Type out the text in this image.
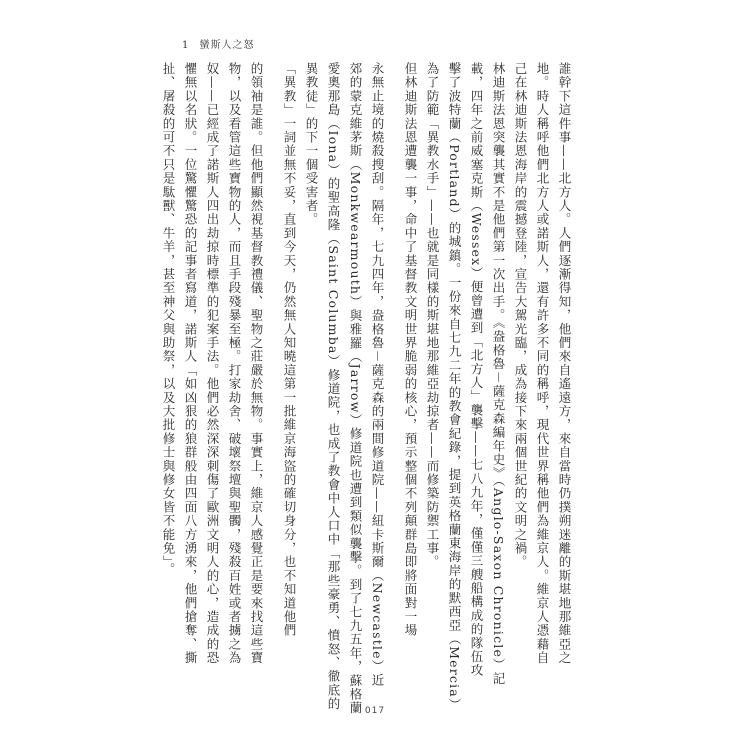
1 蠻斯人之怒
誰幹下這件事——北方人。人們逐漸得知，他們來自遙遠方，來自當時仍撲朔迷離的斯堪地那維亞之
地。時人稱呼他們北方人或諾斯人，還有許多不同的稱呼，現代世界稱他們為維京人。維京人憑藉自
己在林迪斯法恩海岸的震撼登陸，宣告大駕光臨，成為接下來兩個世紀的文明之禍。
林迪斯法恩突襲其實不是他們第一次出手。《盎格魯－薩克森編年史》（Anglo-Saxon Chronicle）記
載，四年之前威塞克斯（Wessex）便曾遭到「北方人」襲擊——七八九年，僅僅三艘船構成的隊伍攻
擊了波特蘭（Portland）的城鎮。一份來自七九二年的教會紀錄，提到英格蘭東海岸的默西亞（Mercia）
為了防範「異教水手」——也就是同樣的斯堪地那維亞劫掠者——而修築防禦工事。
但林迪斯法恩遭襲一事，命中了基督教文明世界脆弱的核心，預示整個不列顛群島即將面對一場
永無止境的燒殺搜刮。隔年，七九四年，盎格魯－薩克森的兩間修道院——紐卡斯爾（Newcastle）近
郊的蒙克維茅斯（Monkwearmouth）與雅羅（Jarrow）修道院也遭到類似襲擊。到了七九五年，蘇格蘭
愛奧那島（Iona）的聖高隆（Saint Columba）修道院，也成了教會中人口中「那些豪勇、憤怒、徹底的
異教徒」的下一個受害者。
「異教」一詞並無不妥，直到今天，仍然無人知曉這第一批維京海盜的確切身分，也不知道他們
的領袖是誰。但他們顯然視基督教禮儀、聖物之莊嚴於無物。事實上，維京人感覺正是要來找這些寶
物，以及看管這些寶物的人，而且手段殘暴至極。打家劫舍、破壞祭壇與聖髑，殘殺百姓或者擄之為
奴——已經成了諾斯人四出劫掠時標準的犯案手法。他們必然深深刺傷了歐洲文明人的心，造成的恐
懼無以名狀。一位驚懼驚恐的記事者寫道，諾斯人「如凶狠的狼群般由四面八方湧來，他們搶奪、撕
扯、屠殺的可不只是駄獸、牛羊，甚至神父與助祭，以及大批修士與修女皆不能免」。
017
